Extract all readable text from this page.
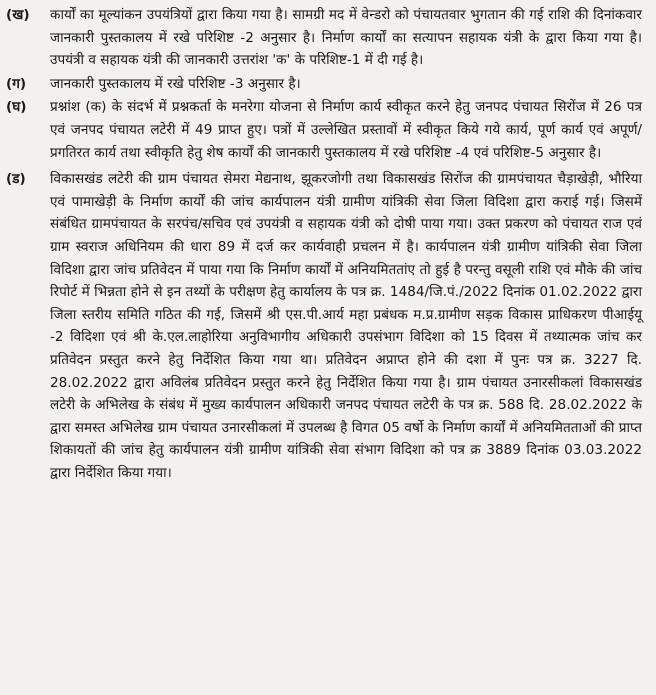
(ख)	कार्यों का मूल्यांकन उपयंत्रियों द्वारा किया गया है। सामग्री मद में वेन्डरो को पंचायतवार भुगतान की गई राशि की दिनांकवार जानकारी पुस्तकालय में रखे परिशिष्ट -2 अनुसार है। निर्माण कार्यों का सत्यापन सहायक यंत्री के द्वारा किया गया है। उपयंत्री व सहायक यंत्री की जानकारी उत्तरांश 'क' के परिशिष्ट-1 में दी गई है।

(ग)	जानकारी पुस्तकालय में रखे परिशिष्ट -3 अनुसार है।

(घ)	प्रश्नांश (क) के संदर्भ में प्रश्नकर्ता के मनरेगा योजना से निर्माण कार्य स्वीकृत करने हेतु जनपद पंचायत सिरोंज में 26 पत्र एवं जनपद पंचायत लटेरी में 49 प्राप्त हुए। पत्रों में उल्लेखित प्रस्तावों में स्वीकृत किये गये कार्य, पूर्ण कार्य एवं अपूर्ण/प्रगतिरत कार्य तथा स्वीकृति हेतु शेष कार्यों की जानकारी पुस्तकालय में रखे परिशिष्ट -4 एवं परिशिष्ट-5 अनुसार है।

(ड)	विकासखंड लटेरी की ग्राम पंचायत सेमरा मेद्यनाथ, झूकरजोगी तथा विकासखंड सिरोंज की ग्रामपंचायत चैड़ाखेड़ी, भौरिया एवं पामाखेड़ी के निर्माण कार्यों की जांच कार्यपालन यंत्री ग्रामीण यांत्रिकी सेवा जिला विदिशा द्वारा कराई गई। जिसमें संबंधित ग्रामपंचायत के सरपंच/सचिव एवं उपयंत्री व सहायक यंत्री को दोषी पाया गया। उक्त प्रकरण को पंचायत राज एवं ग्राम स्वराज अधिनियम की धारा 89 में दर्ज कर कार्यवाही प्रचलन में है। कार्यपालन यंत्री ग्रामीण यांत्रिकी सेवा जिला विदिशा द्वारा जांच प्रतिवेदन में पाया गया कि निर्माण कार्यों में अनियमिततांए तो हुई है परन्तु वसूली राशि एवं मौके की जांच रिपोर्ट में भिन्नता होने से इन तथ्यों के परीक्षण हेतु कार्यालय के पत्र क्र. 1484/जि.पं./2022 दिनांक 01.02.2022 द्वारा जिला स्तरीय समिति गठित की गई, जिसमें श्री एस.पी.आर्य महा प्रबंधक म.प्र.ग्रामीण सड़क विकास प्राधिकरण पीआईयू -2 विदिशा एवं श्री के.एल.लाहोरिया अनुविभागीय अधिकारी उपसंभाग विदिशा को 15 दिवस में तथ्यात्मक जांच कर प्रतिवेदन प्रस्तुत करने हेतु निर्देशित किया गया था। प्रतिवेदन अप्राप्त होने की दशा में पुनः पत्र क्र. 3227 दि. 28.02.2022 द्वारा अविलंब प्रतिवेदन प्रस्तुत करने हेतु निर्देशित किया गया है। ग्राम पंचायत उनारसीकलां विकासखंड लटेरी के अभिलेख के संबंध में मुख्य कार्यपालन अधिकारी जनपद पंचायत लटेरी के पत्र क्र. 588 दि. 28.02.2022 के द्वारा समस्त अभिलेख ग्राम पंचायत उनारसीकलां में उपलब्ध है विगत 05 वर्षो के निर्माण कार्यों में अनियमितताओं की प्राप्त शिकायतों की जांच हेतु कार्यपालन यंत्री ग्रामीण यांत्रिकी सेवा संभाग विदिशा को पत्र क्र 3889 दिनांक 03.03.2022 द्वारा निर्देशित किया गया।
